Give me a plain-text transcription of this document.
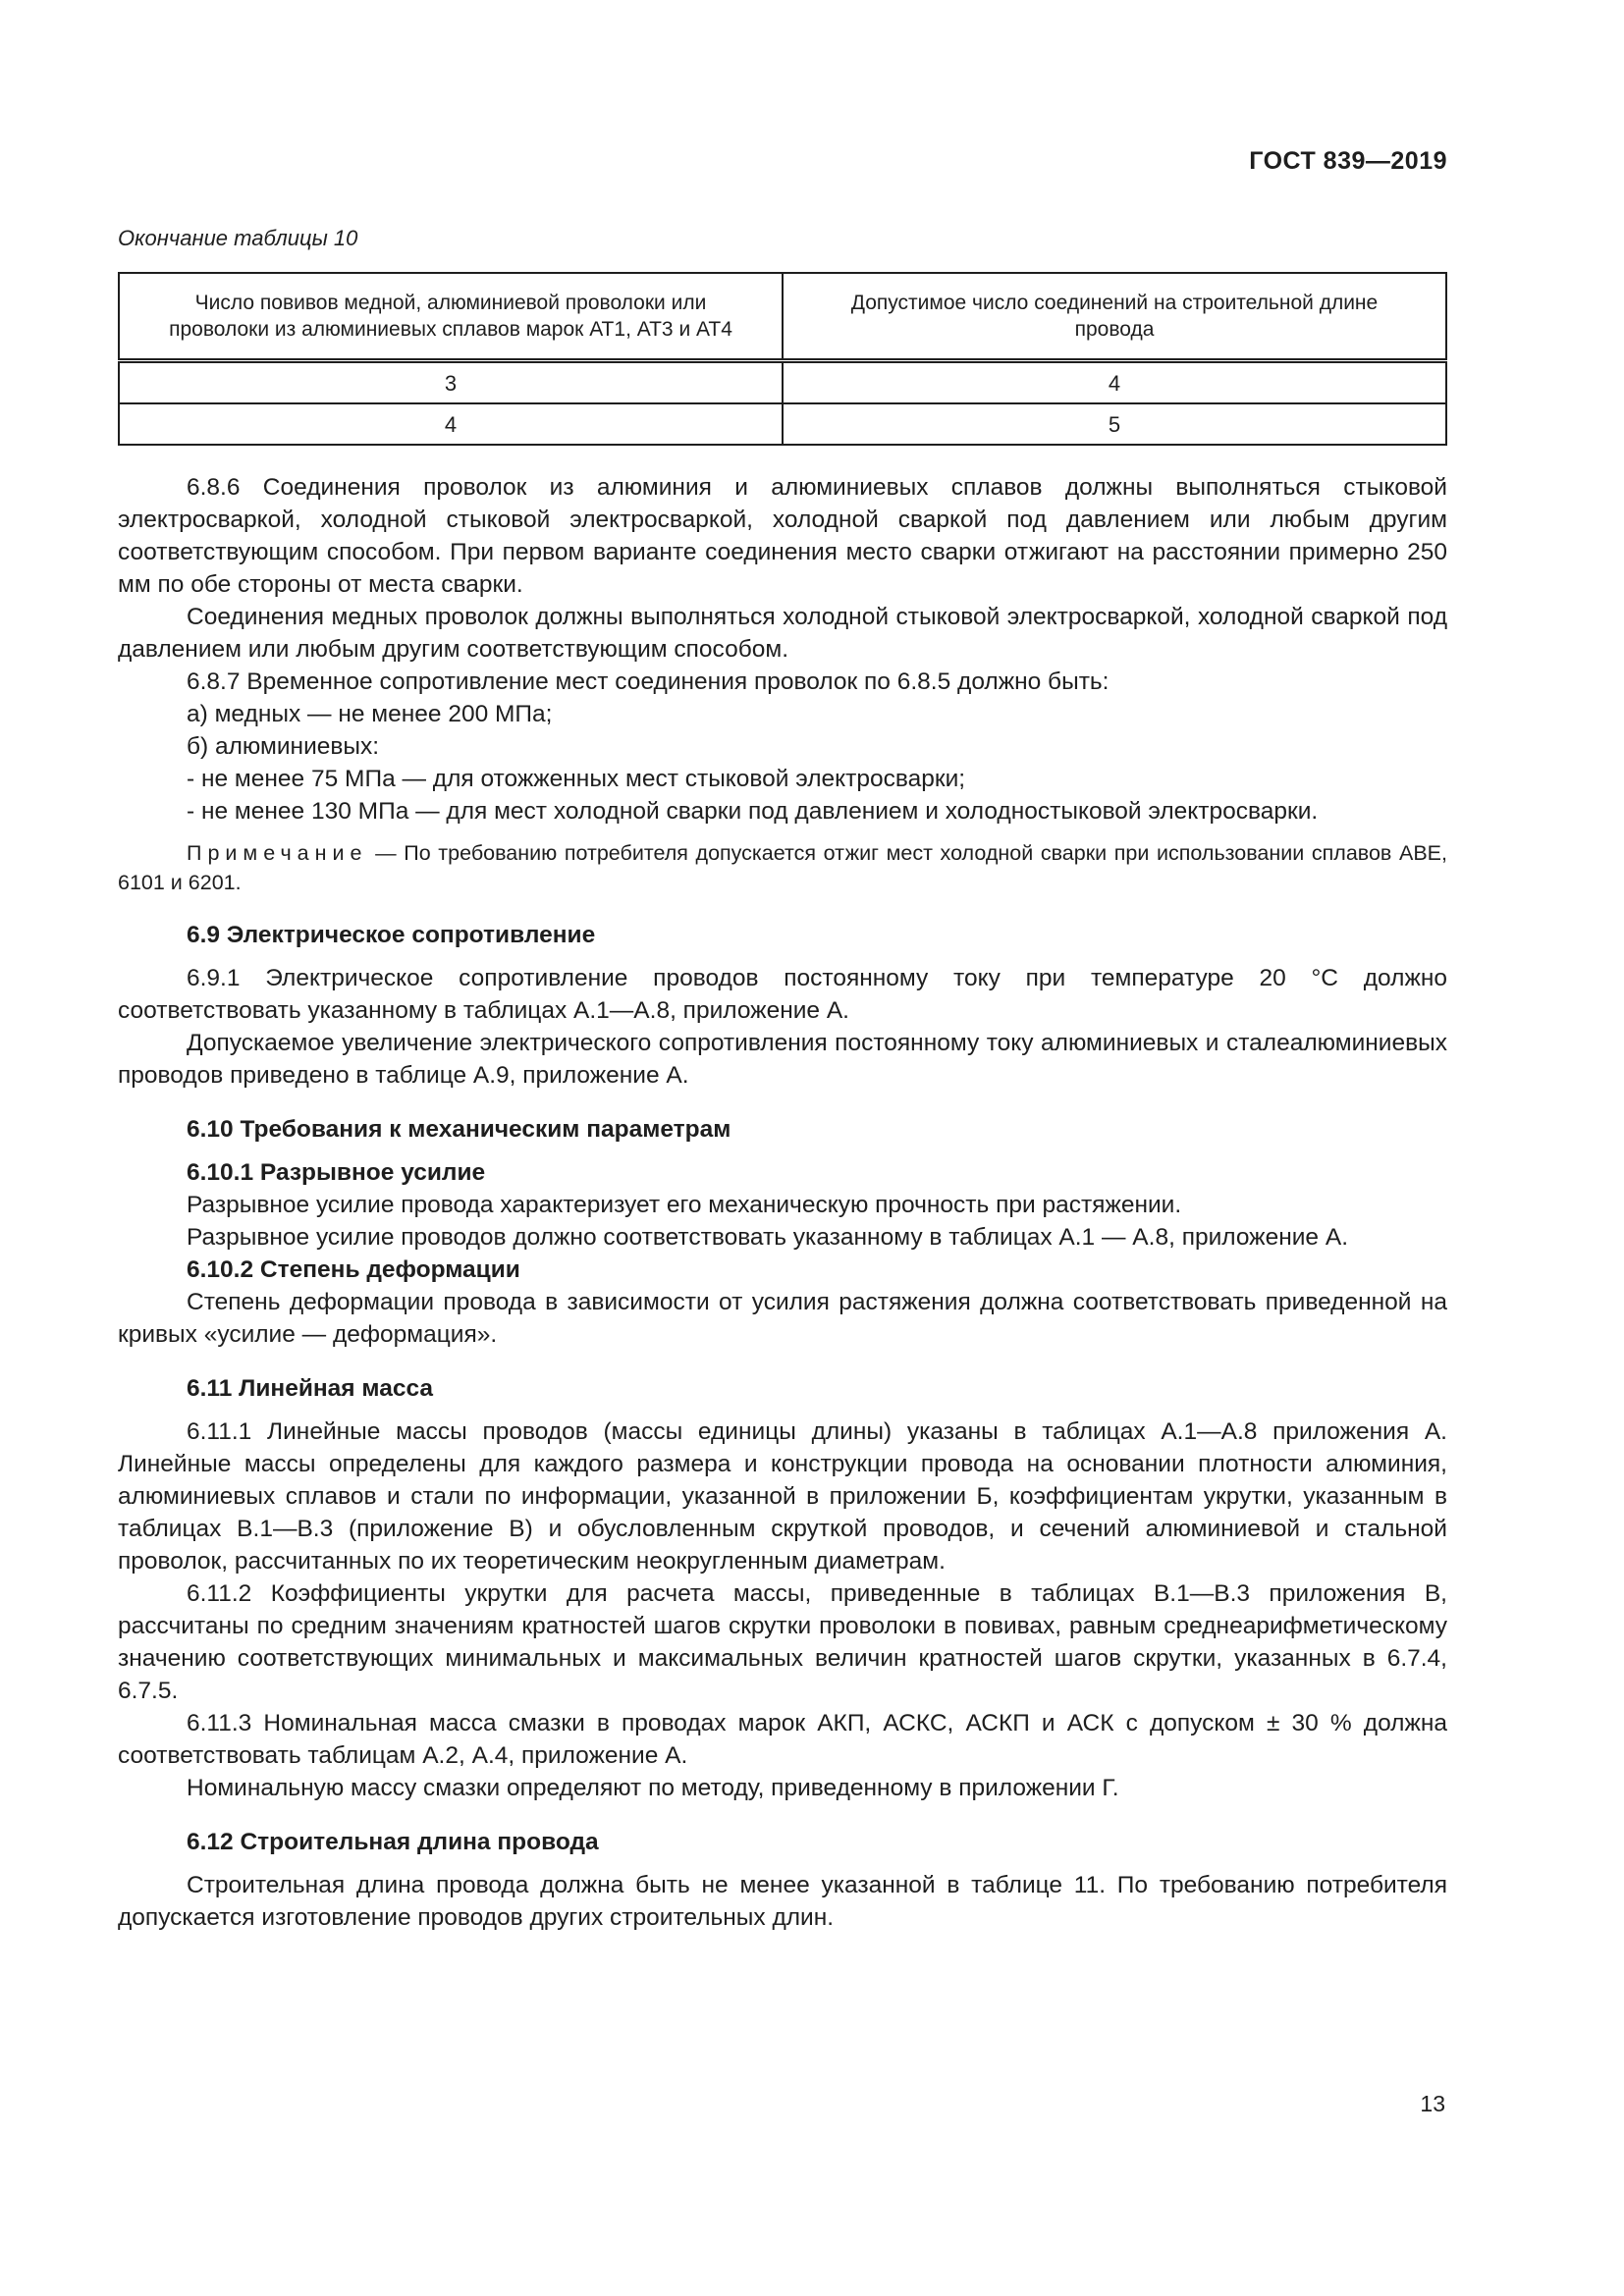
ГОСТ 839—2019
Окончание таблицы 10
Число повивов медной, алюминиевой проволоки или проволоки из алюминиевых сплавов марок АТ1, АТ3 и АТ4	Допустимое число соединений на строительной длине провода
3	4
4	5

6.8.6 Соединения проволок из алюминия и алюминиевых сплавов должны выполняться стыковой электросваркой, холодной стыковой электросваркой, холодной сваркой под давлением или любым другим соответствующим способом. При первом варианте соединения место сварки отжигают на расстоянии примерно 250 мм по обе стороны от места сварки.

Соединения медных проволок должны выполняться холодной стыковой электросваркой, холодной сваркой под давлением или любым другим соответствующим способом.

6.8.7 Временное сопротивление мест соединения проволок по 6.8.5 должно быть:

а) медных — не менее 200 МПа;

б) алюминиевых:

- не менее 75 МПа — для отожженных мест стыковой электросварки;

- не менее 130 МПа — для мест холодной сварки под давлением и холодностыковой электросварки.

Примечание — По требованию потребителя допускается отжиг мест холодной сварки при использовании сплавов АВЕ, 6101 и 6201.

6.9 Электрическое сопротивление

6.9.1 Электрическое сопротивление проводов постоянному току при температуре 20 °С должно соответствовать указанному в таблицах А.1—А.8, приложение А.

Допускаемое увеличение электрического сопротивления постоянному току алюминиевых и сталеалюминиевых проводов приведено в таблице А.9, приложение А.

6.10 Требования к механическим параметрам
6.10.1 Разрывное усилие

Разрывное усилие провода характеризует его механическую прочность при растяжении.

Разрывное усилие проводов должно соответствовать указанному в таблицах А.1 — А.8, приложение А.

6.10.2 Степень деформации

Степень деформации провода в зависимости от усилия растяжения должна соответствовать приведенной на кривых «усилие — деформация».

6.11 Линейная масса

6.11.1 Линейные массы проводов (массы единицы длины) указаны в таблицах А.1—А.8 приложения А. Линейные массы определены для каждого размера и конструкции провода на основании плотности алюминия, алюминиевых сплавов и стали по информации, указанной в приложении Б, коэффициентам укрутки, указанным в таблицах В.1—В.3 (приложение В) и обусловленным скруткой проводов, и сечений алюминиевой и стальной проволок, рассчитанных по их теоретическим неокругленным диаметрам.

6.11.2 Коэффициенты укрутки для расчета массы, приведенные в таблицах В.1—В.3 приложения В, рассчитаны по средним значениям кратностей шагов скрутки проволоки в повивах, равным среднеарифметическому значению соответствующих минимальных и максимальных величин кратностей шагов скрутки, указанных в 6.7.4, 6.7.5.

6.11.3 Номинальная масса смазки в проводах марок АКП, АСКС, АСКП и АСК с допуском ± 30 % должна соответствовать таблицам А.2, А.4, приложение А.

Номинальную массу смазки определяют по методу, приведенному в приложении Г.

6.12 Строительная длина провода

Строительная длина провода должна быть не менее указанной в таблице 11. По требованию потребителя допускается изготовление проводов других строительных длин.

13
